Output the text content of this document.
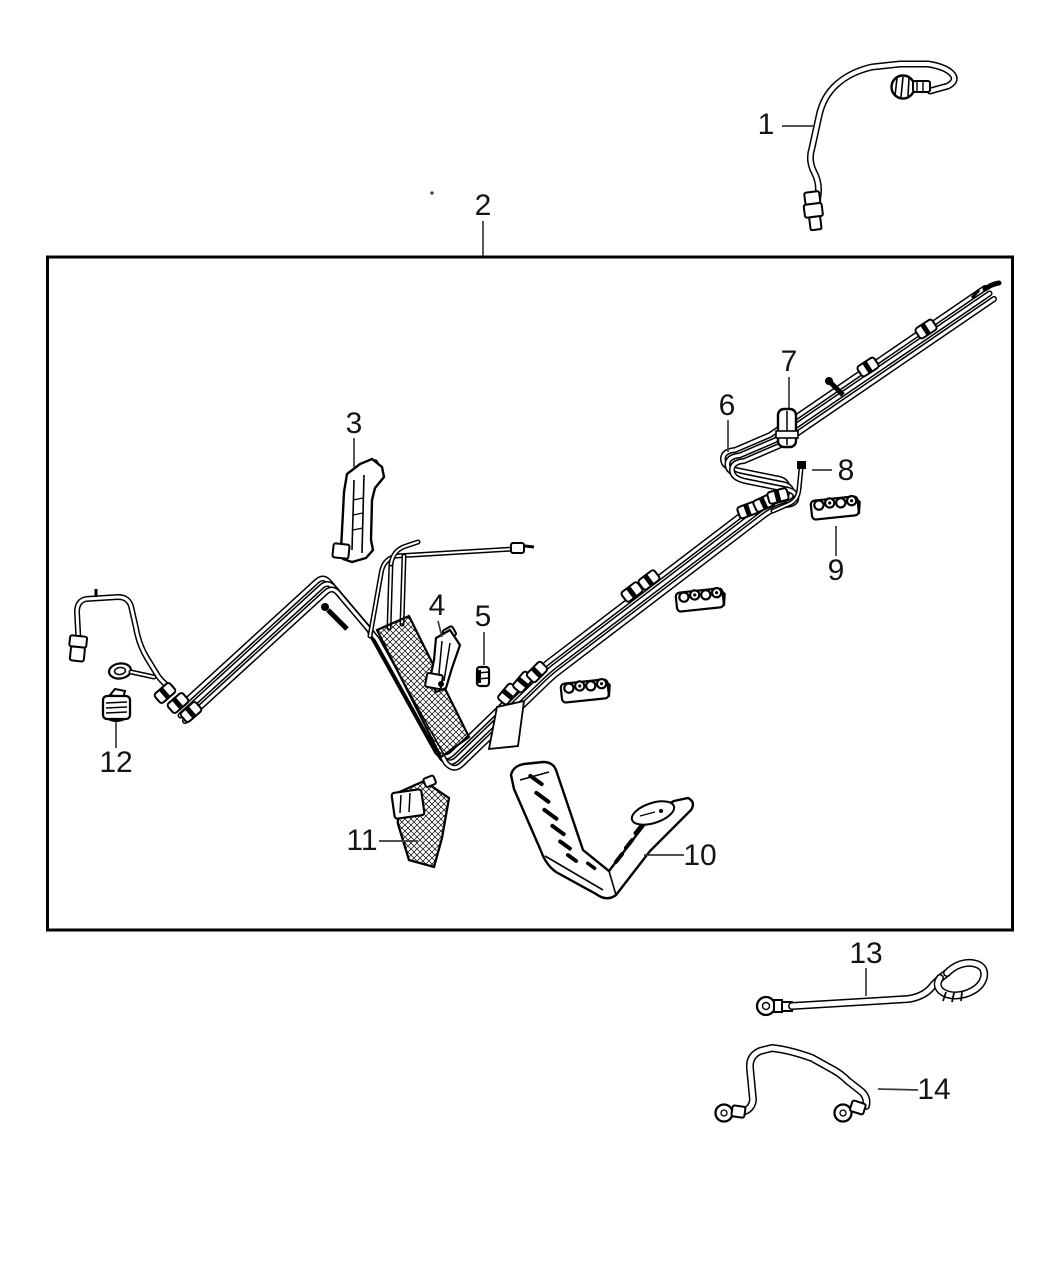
1
2
3
4 5
6
7
8
9
10
11
12
13
14
